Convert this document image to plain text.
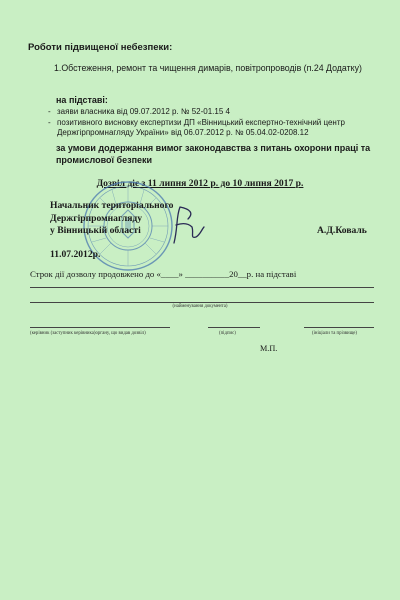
Роботи підвищеної небезпеки:
1.Обстеження, ремонт та чищення димарів, повітропроводів (п.24 Додатку)
на підставі:
- заяви власника від 09.07.2012 р. № 52-01.15 4
- позитивного висновку експертизи ДП «Вінницький експертно-технічний центр Держгірпромнагляду України» від 06.07.2012 р. № 05.04.02-0208.12
за умови додержання вимог законодавства з питань охорони праці та промислової безпеки
Дозвіл діє з 11 липня 2012 р. до 10 липня 2017 р.
Начальник територіального
Держгірпромнагляду
у Вінницькій області	А.Д.Коваль
11.07.2012р.
Строк дії дозволу продовжено до «____» __________20__р. на підставі
(найменування документа)
(керівник (заступник керівника)органу, що видав дозвіл)	(підпис)	(ініціали та прізвище)
М.П.
